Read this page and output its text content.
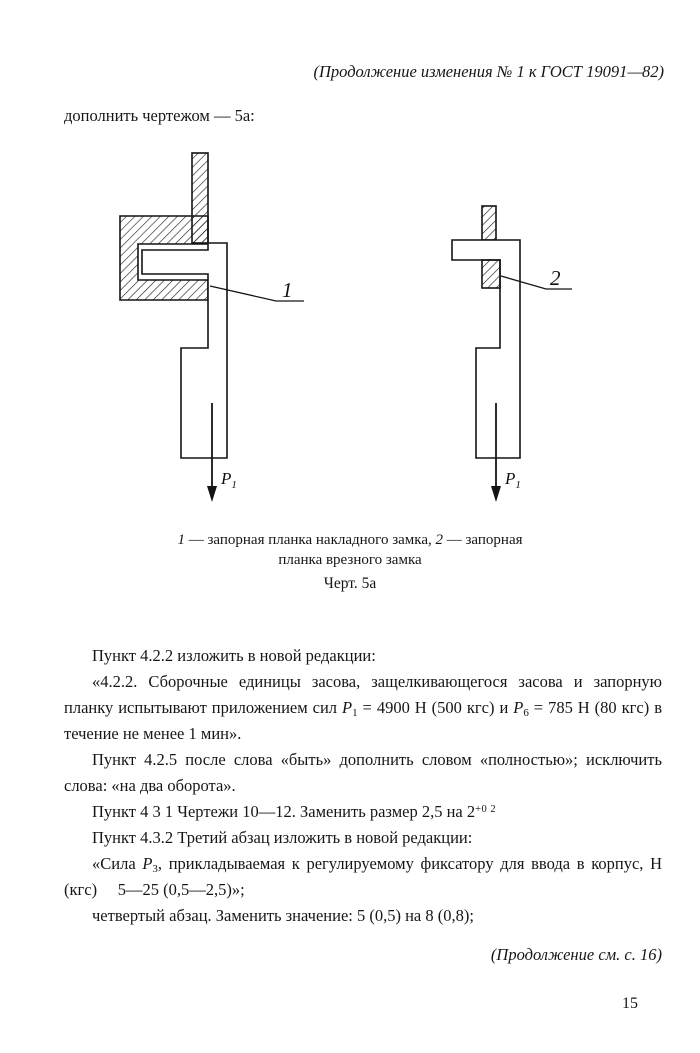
(Продолжение изменения № 1 к ГОСТ 19091—82)
дополнить чертежом — 5а:
1
$P_1$
2
$P_1$
1 — запорная планка накладного замка, 2 — запорная
планка врезного замка
Черт. 5а

Пункт 4.2.2 изложить в новой редакции:

«4.2.2. Сборочные единицы засова, защелкивающегося засова и запорную планку испытывают приложением сил $P_1 = 4900$ Н (500 кгс) и $P_6 = 785$ Н (80 кгс) в течение не менее 1 мин».

Пункт 4.2.5 после слова «быть» дополнить словом «полностью»; исключить слова: «на два оборота».

Пункт 4 3 1 Чертежи 10—12. Заменить размер 2,5 на $2^{+0 2}$

Пункт 4.3.2 Третий абзац изложить в новой редакции:

«Сила $P_3$, прикладываемая к регулируемому фиксатору для ввода в корпус, Н (кгс)     5—25 (0,5—2,5)»;

четвертый абзац. Заменить значение: 5 (0,5) на 8 (0,8);

(Продолжение см. с. 16)
15
